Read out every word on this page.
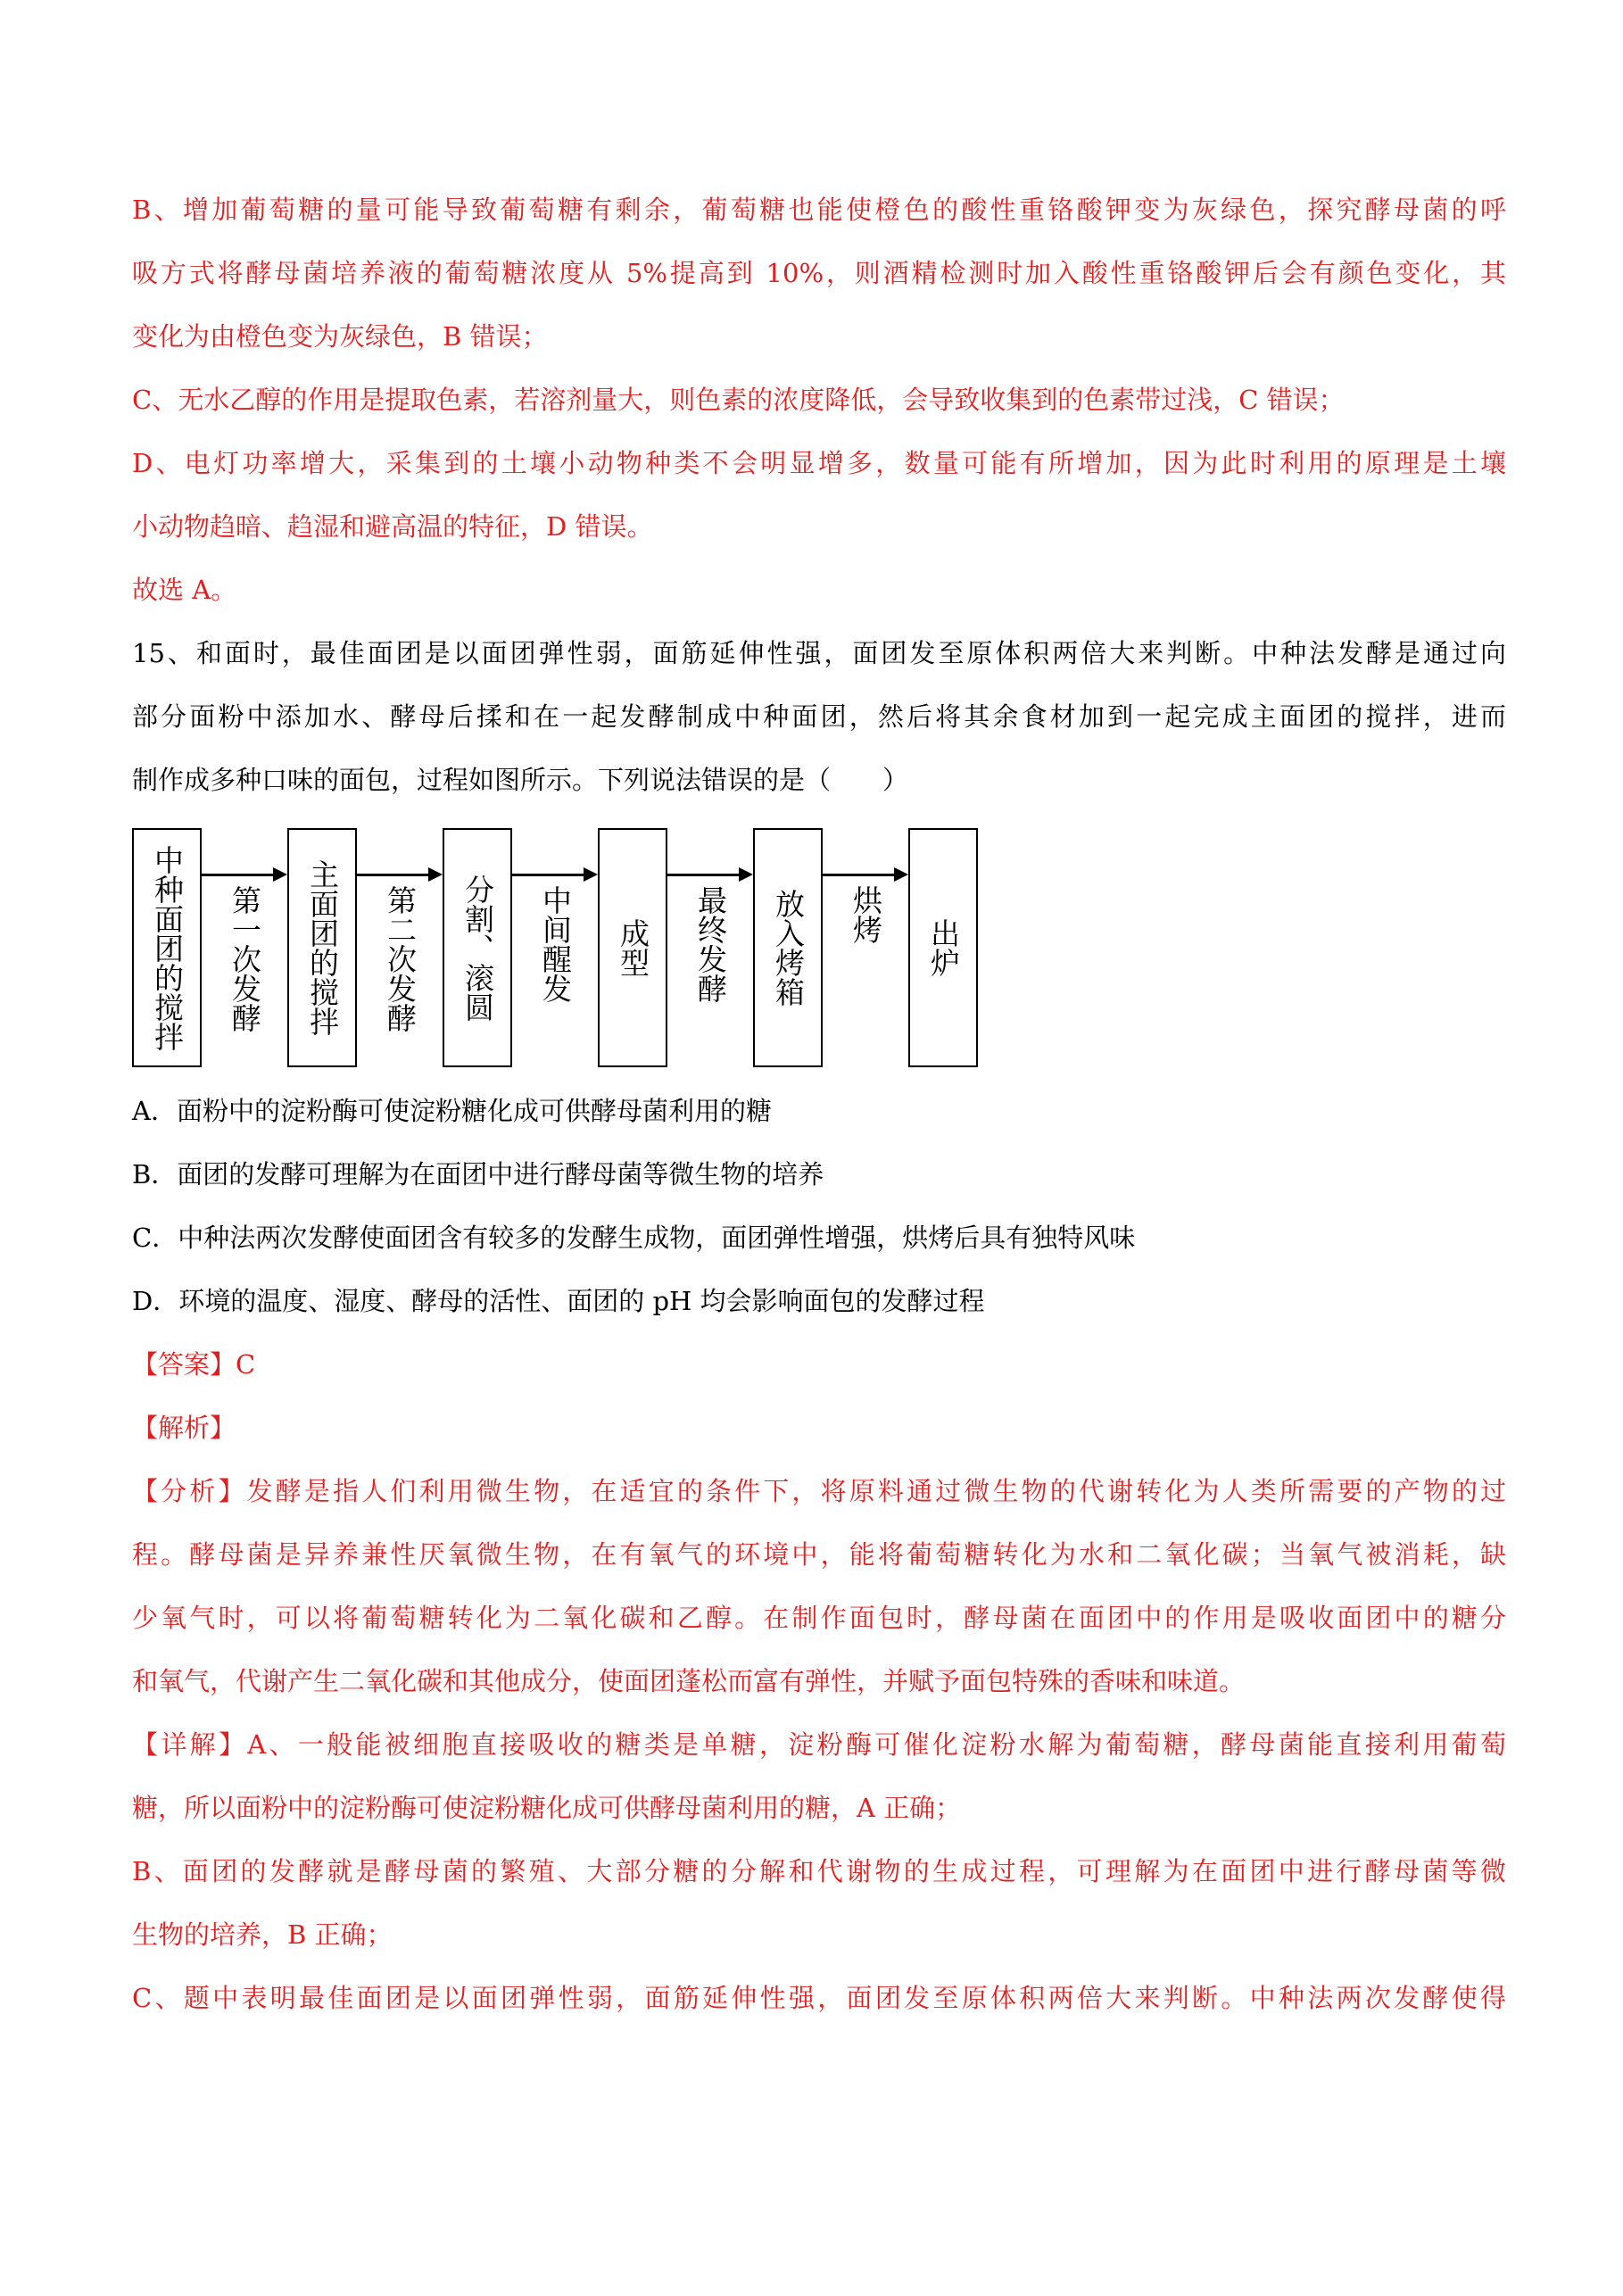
B、增加葡萄糖的量可能导致葡萄糖有剩余，葡萄糖也能使橙色的酸性重铬酸钾变为灰绿色，探究酵母菌的呼
吸方式将酵母菌培养液的葡萄糖浓度从 5%提高到 10%，则酒精检测时加入酸性重铬酸钾后会有颜色变化，其
变化为由橙色变为灰绿色，B 错误；
C、无水乙醇的作用是提取色素，若溶剂量大，则色素的浓度降低，会导致收集到的色素带过浅，C 错误；
D、电灯功率增大，采集到的土壤小动物种类不会明显增多，数量可能有所增加，因为此时利用的原理是土壤
小动物趋暗、趋湿和避高温的特征，D 错误。
故选 A。
15、和面时，最佳面团是以面团弹性弱，面筋延伸性强，面团发至原体积两倍大来判断。中种法发酵是通过向
部分面粉中添加水、酵母后揉和在一起发酵制成中种面团，然后将其余食材加到一起完成主面团的搅拌，进而
制作成多种口味的面包，过程如图所示。下列说法错误的是（　　）
中种面团的搅拌	主面团的搅拌	分割、滚圆	成型	放入烤箱	出炉
第一次发酵	第二次发酵	中间醒发	最终发酵	烘烤
A．面粉中的淀粉酶可使淀粉糖化成可供酵母菌利用的糖
B．面团的发酵可理解为在面团中进行酵母菌等微生物的培养
C．中种法两次发酵使面团含有较多的发酵生成物，面团弹性增强，烘烤后具有独特风味
D．环境的温度、湿度、酵母的活性、面团的 pH 均会影响面包的发酵过程
【答案】C
【解析】
【分析】发酵是指人们利用微生物，在适宜的条件下，将原料通过微生物的代谢转化为人类所需要的产物的过
程。酵母菌是异养兼性厌氧微生物，在有氧气的环境中，能将葡萄糖转化为水和二氧化碳；当氧气被消耗，缺
少氧气时，可以将葡萄糖转化为二氧化碳和乙醇。在制作面包时，酵母菌在面团中的作用是吸收面团中的糖分
和氧气，代谢产生二氧化碳和其他成分，使面团蓬松而富有弹性，并赋予面包特殊的香味和味道。
【详解】A、一般能被细胞直接吸收的糖类是单糖，淀粉酶可催化淀粉水解为葡萄糖，酵母菌能直接利用葡萄
糖，所以面粉中的淀粉酶可使淀粉糖化成可供酵母菌利用的糖，A 正确；
B、面团的发酵就是酵母菌的繁殖、大部分糖的分解和代谢物的生成过程，可理解为在面团中进行酵母菌等微
生物的培养，B 正确；
C、题中表明最佳面团是以面团弹性弱，面筋延伸性强，面团发至原体积两倍大来判断。中种法两次发酵使得
